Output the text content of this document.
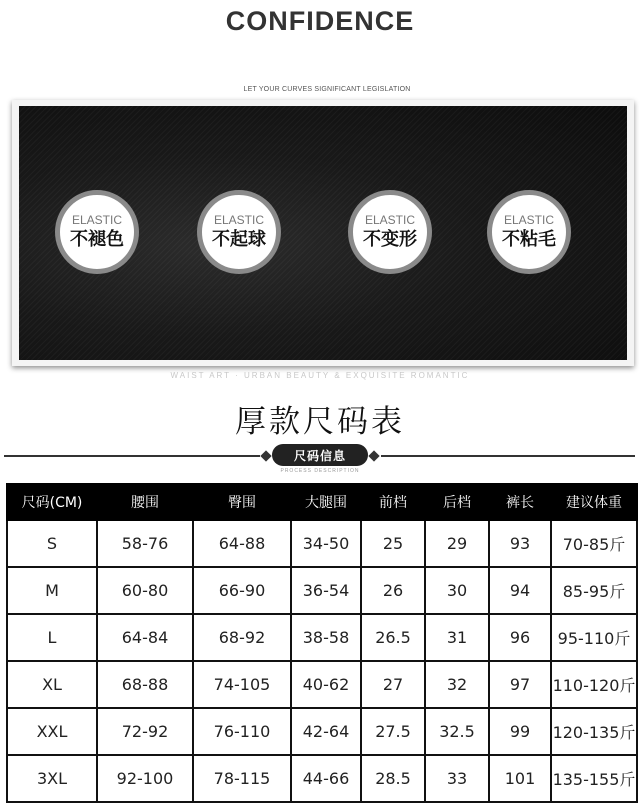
CONFIDENCE
LET YOUR CURVES SIGNIFICANT LEGISLATION
ELASTIC
不褪色
ELASTIC
不起球
ELASTIC
不变形
ELASTIC
不粘毛
WAIST ART · URBAN BEAUTY & EXQUISITE ROMANTIC
厚款尺码表
尺码信息
PROCESS DESCRIPTION
尺码(CM)	腰围	臀围	大腿围	前档	后档	裤长	建议体重
S	58-76	64-88	34-50	25	29	93	70-85斤
M	60-80	66-90	36-54	26	30	94	85-95斤
L	64-84	68-92	38-58	26.5	31	96	95-110斤
XL	68-88	74-105	40-62	27	32	97	110-120斤
XXL	72-92	76-110	42-64	27.5	32.5	99	120-135斤
3XL	92-100	78-115	44-66	28.5	33	101	135-155斤
